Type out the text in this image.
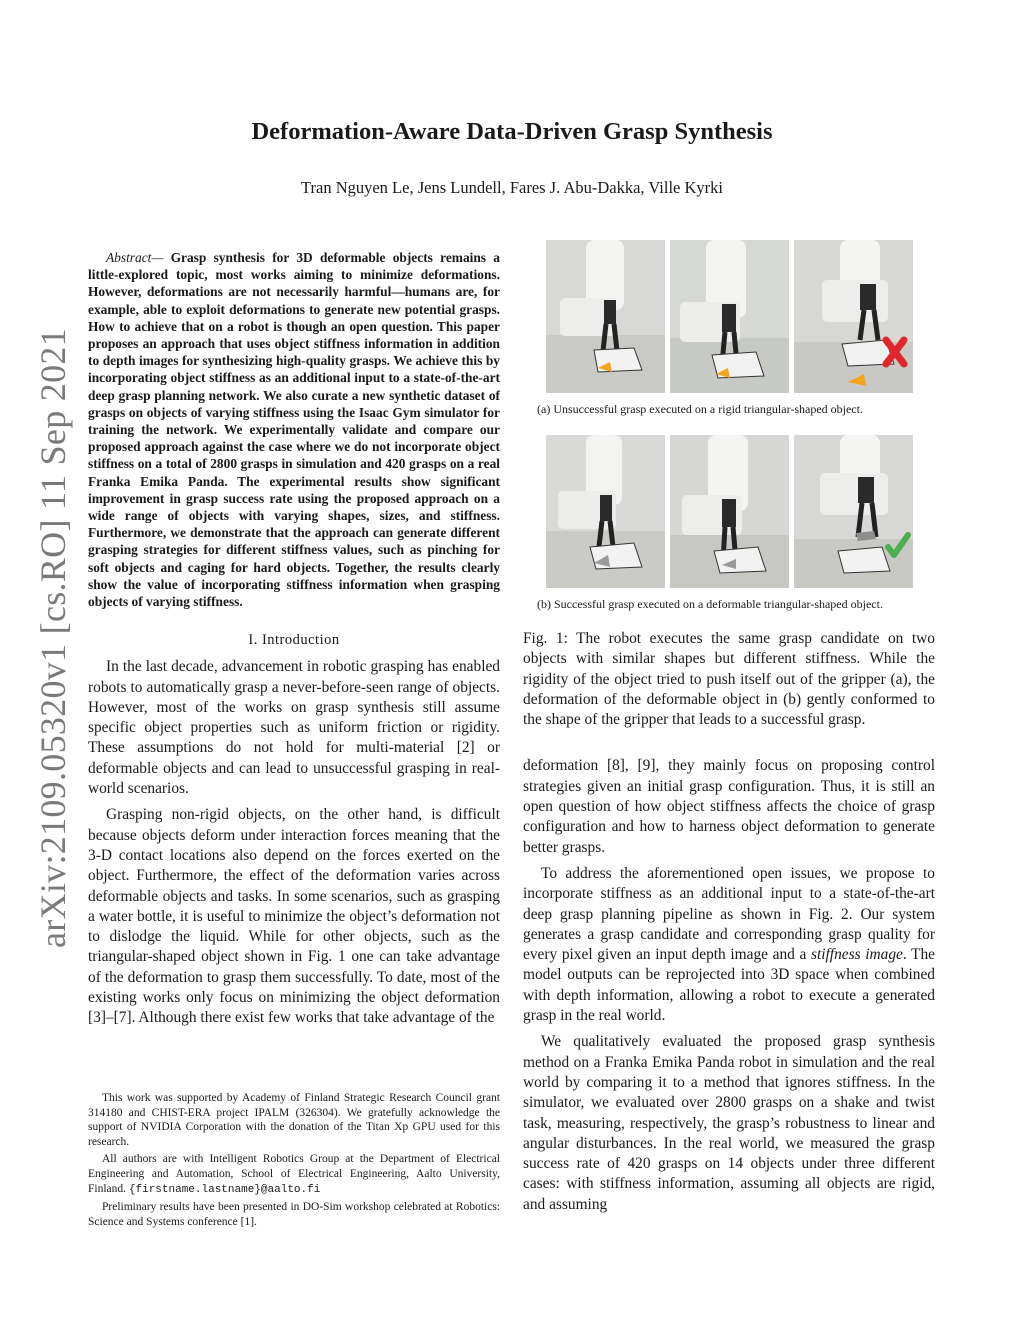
arXiv:2109.05320v1 [cs.RO] 11 Sep 2021
Deformation-Aware Data-Driven Grasp Synthesis
Tran Nguyen Le, Jens Lundell, Fares J. Abu-Dakka, Ville Kyrki

Abstract— Grasp synthesis for 3D deformable objects remains a little-explored topic, most works aiming to minimize deformations. However, deformations are not necessarily harmful—humans are, for example, able to exploit deformations to generate new potential grasps. How to achieve that on a robot is though an open question. This paper proposes an approach that uses object stiffness information in addition to depth images for synthesizing high-quality grasps. We achieve this by incorporating object stiffness as an additional input to a state-of-the-art deep grasp planning network. We also curate a new synthetic dataset of grasps on objects of varying stiffness using the Isaac Gym simulator for training the network. We experimentally validate and compare our proposed approach against the case where we do not incorporate object stiffness on a total of 2800 grasps in simulation and 420 grasps on a real Franka Emika Panda. The experimental results show significant improvement in grasp success rate using the proposed approach on a wide range of objects with varying shapes, sizes, and stiffness. Furthermore, we demonstrate that the approach can generate different grasping strategies for different stiffness values, such as pinching for soft objects and caging for hard objects. Together, the results clearly show the value of incorporating stiffness information when grasping objects of varying stiffness.

I. Introduction

In the last decade, advancement in robotic grasping has enabled robots to automatically grasp a never-before-seen range of objects. However, most of the works on grasp synthesis still assume specific object properties such as uniform friction or rigidity. These assumptions do not hold for multi-material [2] or deformable objects and can lead to unsuccessful grasping in real-world scenarios.

Grasping non-rigid objects, on the other hand, is difficult because objects deform under interaction forces meaning that the 3-D contact locations also depend on the forces exerted on the object. Furthermore, the effect of the deformation varies across deformable objects and tasks. In some scenarios, such as grasping a water bottle, it is useful to minimize the object’s deformation not to dislodge the liquid. While for other objects, such as the triangular-shaped object shown in Fig. 1 one can take advantage of the deformation to grasp them successfully. To date, most of the existing works only focus on minimizing the object deformation [3]–[7]. Although there exist few works that take advantage of the

This work was supported by Academy of Finland Strategic Research Council grant 314180 and CHIST-ERA project IPALM (326304). We gratefully acknowledge the support of NVIDIA Corporation with the donation of the Titan Xp GPU used for this research.

All authors are with Intelligent Robotics Group at the Department of Electrical Engineering and Automation, School of Electrical Engineering, Aalto University, Finland. {firstname.lastname}@aalto.fi

Preliminary results have been presented in DO-Sim workshop celebrated at Robotics: Science and Systems conference [1].

(a) Unsuccessful grasp executed on a rigid triangular-shaped object.
(b) Successful grasp executed on a deformable triangular-shaped object.

Fig. 1: The robot executes the same grasp candidate on two objects with similar shapes but different stiffness. While the rigidity of the object tried to push itself out of the gripper (a), the deformation of the deformable object in (b) gently conformed to the shape of the gripper that leads to a successful grasp.

deformation [8], [9], they mainly focus on proposing control strategies given an initial grasp configuration. Thus, it is still an open question of how object stiffness affects the choice of grasp configuration and how to harness object deformation to generate better grasps.

To address the aforementioned open issues, we propose to incorporate stiffness as an additional input to a state-of-the-art deep grasp planning pipeline as shown in Fig. 2. Our system generates a grasp candidate and corresponding grasp quality for every pixel given an input depth image and a stiffness image. The model outputs can be reprojected into 3D space when combined with depth information, allowing a robot to execute a generated grasp in the real world.

We qualitatively evaluated the proposed grasp synthesis method on a Franka Emika Panda robot in simulation and the real world by comparing it to a method that ignores stiffness. In the simulator, we evaluated over 2800 grasps on a shake and twist task, measuring, respectively, the grasp’s robustness to linear and angular disturbances. In the real world, we measured the grasp success rate of 420 grasps on 14 objects under three different cases: with stiffness information, assuming all objects are rigid, and assuming
